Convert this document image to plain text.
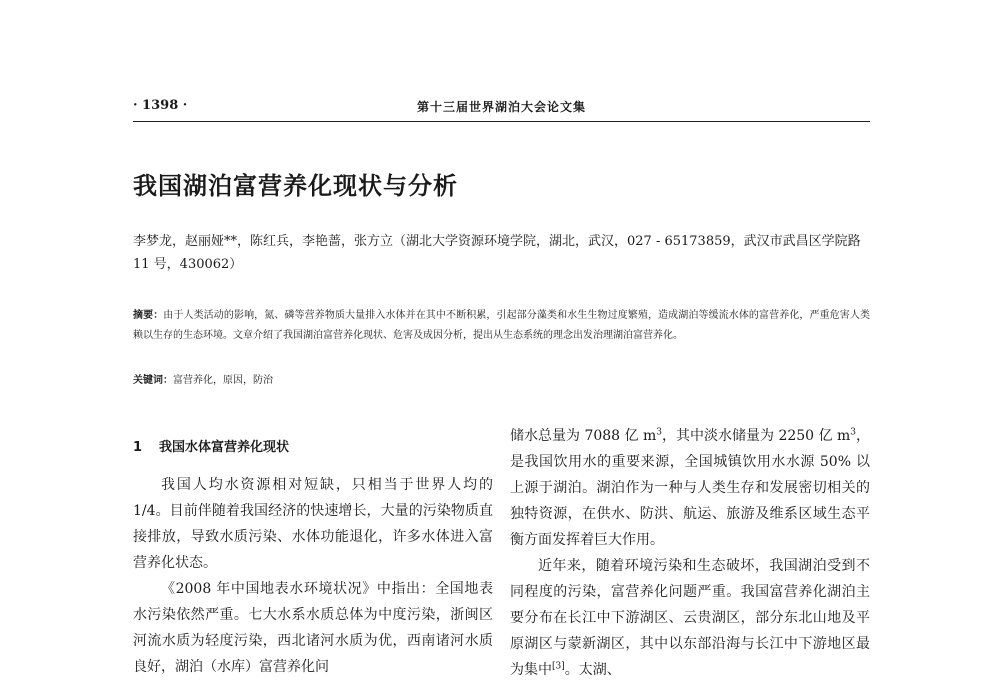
· 1398 ·	第十三届世界湖泊大会论文集
我国湖泊富营养化现状与分析
李梦龙，赵丽娅**，陈红兵，李艳蔷，张方立（湖北大学资源环境学院，湖北，武汉，027 - 65173859，武汉市武昌区学院路 11 号，430062）
摘要：由于人类活动的影响，氮、磷等营养物质大量排入水体并在其中不断积累，引起部分藻类和水生生物过度繁殖，造成湖泊等缓流水体的富营养化，严重危害人类赖以生存的生态环境。文章介绍了我国湖泊富营养化现状、危害及成因分析，提出从生态系统的理念出发治理湖泊富营养化。
关键词：富营养化，原因，防治
1 我国水体富营养化现状

我国人均水资源相对短缺，只相当于世界人均的 1/4。目前伴随着我国经济的快速增长，大量的污染物质直接排放，导致水质污染、水体功能退化，许多水体进入富营养化状态。

《2008 年中国地表水环境状况》中指出：全国地表水污染依然严重。七大水系水质总体为中度污染，浙闽区河流水质为轻度污染，西北诸河水质为优，西南诸河水质良好，湖泊（水库）富营养化问

储水总量为 7088 亿 $m^3$，其中淡水储量为 2250 亿 $m^3$，是我国饮用水的重要来源，全国城镇饮用水水源 50% 以上源于湖泊。湖泊作为一种与人类生存和发展密切相关的独特资源，在供水、防洪、航运、旅游及维系区域生态平衡方面发挥着巨大作用。

近年来，随着环境污染和生态破坏，我国湖泊受到不同程度的污染，富营养化问题严重。我国富营养化湖泊主要分布在长江中下游湖区、云贵湖区，部分东北山地及平原湖区与蒙新湖区，其中以东部沿海与长江中下游地区最为集中[3]。太湖、
